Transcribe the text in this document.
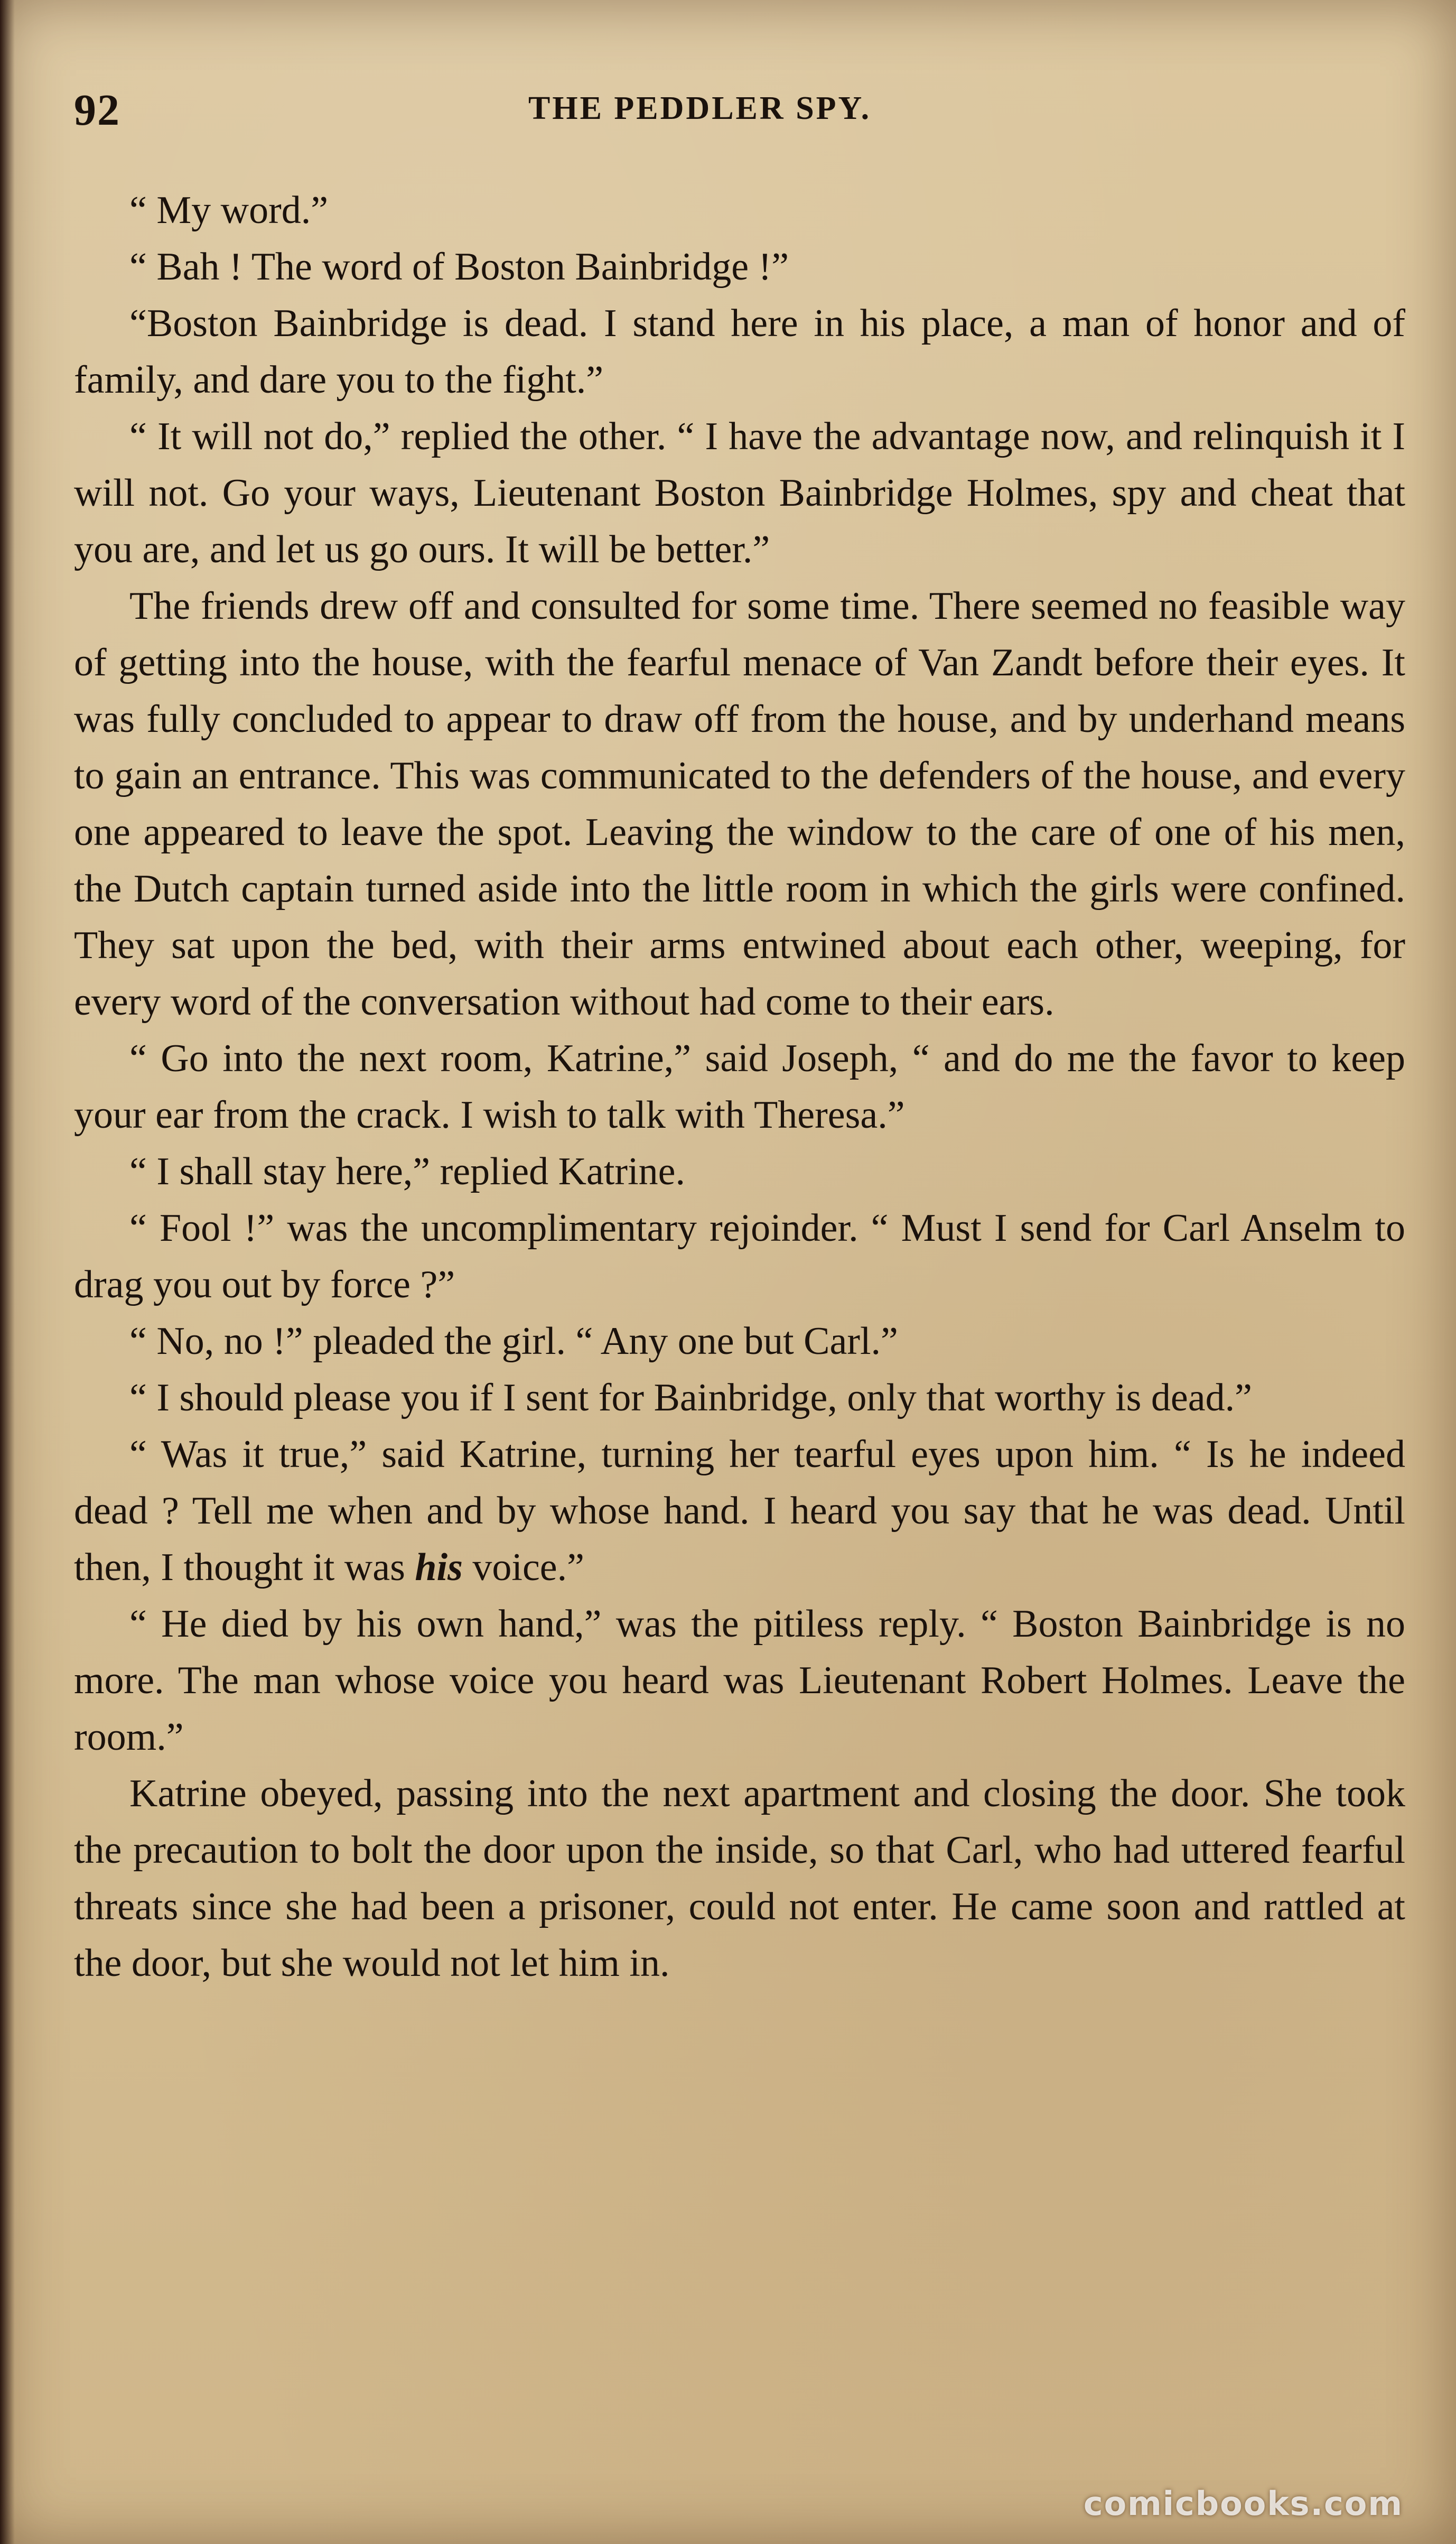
92	THE PEDDLER SPY.

“ My word.”

“ Bah ! The word of Boston Bainbridge !”

“Boston Bainbridge is dead. I stand here in his place, a man of honor and of family, and dare you to the fight.”

“ It will not do,” replied the other. “ I have the advantage now, and relinquish it I will not. Go your ways, Lieutenant Boston Bainbridge Holmes, spy and cheat that you are, and let us go ours. It will be better.”

The friends drew off and consulted for some time. There seemed no feasible way of getting into the house, with the fearful menace of Van Zandt before their eyes. It was fully concluded to appear to draw off from the house, and by underhand means to gain an entrance. This was communicated to the defenders of the house, and every one appeared to leave the spot. Leaving the window to the care of one of his men, the Dutch captain turned aside into the little room in which the girls were confined. They sat upon the bed, with their arms entwined about each other, weeping, for every word of the conversation without had come to their ears.

“ Go into the next room, Katrine,” said Joseph, “ and do me the favor to keep your ear from the crack. I wish to talk with Theresa.”

“ I shall stay here,” replied Katrine.

“ Fool !” was the uncomplimentary rejoinder. “ Must I send for Carl Anselm to drag you out by force ?”

“ No, no !” pleaded the girl. “ Any one but Carl.”

“ I should please you if I sent for Bainbridge, only that worthy is dead.”

“ Was it true,” said Katrine, turning her tearful eyes upon him. “ Is he indeed dead ? Tell me when and by whose hand. I heard you say that he was dead. Until then, I thought it was his voice.”

“ He died by his own hand,” was the pitiless reply. “ Boston Bainbridge is no more. The man whose voice you heard was Lieutenant Robert Holmes. Leave the room.”

Katrine obeyed, passing into the next apartment and closing the door. She took the precaution to bolt the door upon the inside, so that Carl, who had uttered fearful threats since she had been a prisoner, could not enter. He came soon and rattled at the door, but she would not let him in.

comicbooks.com
